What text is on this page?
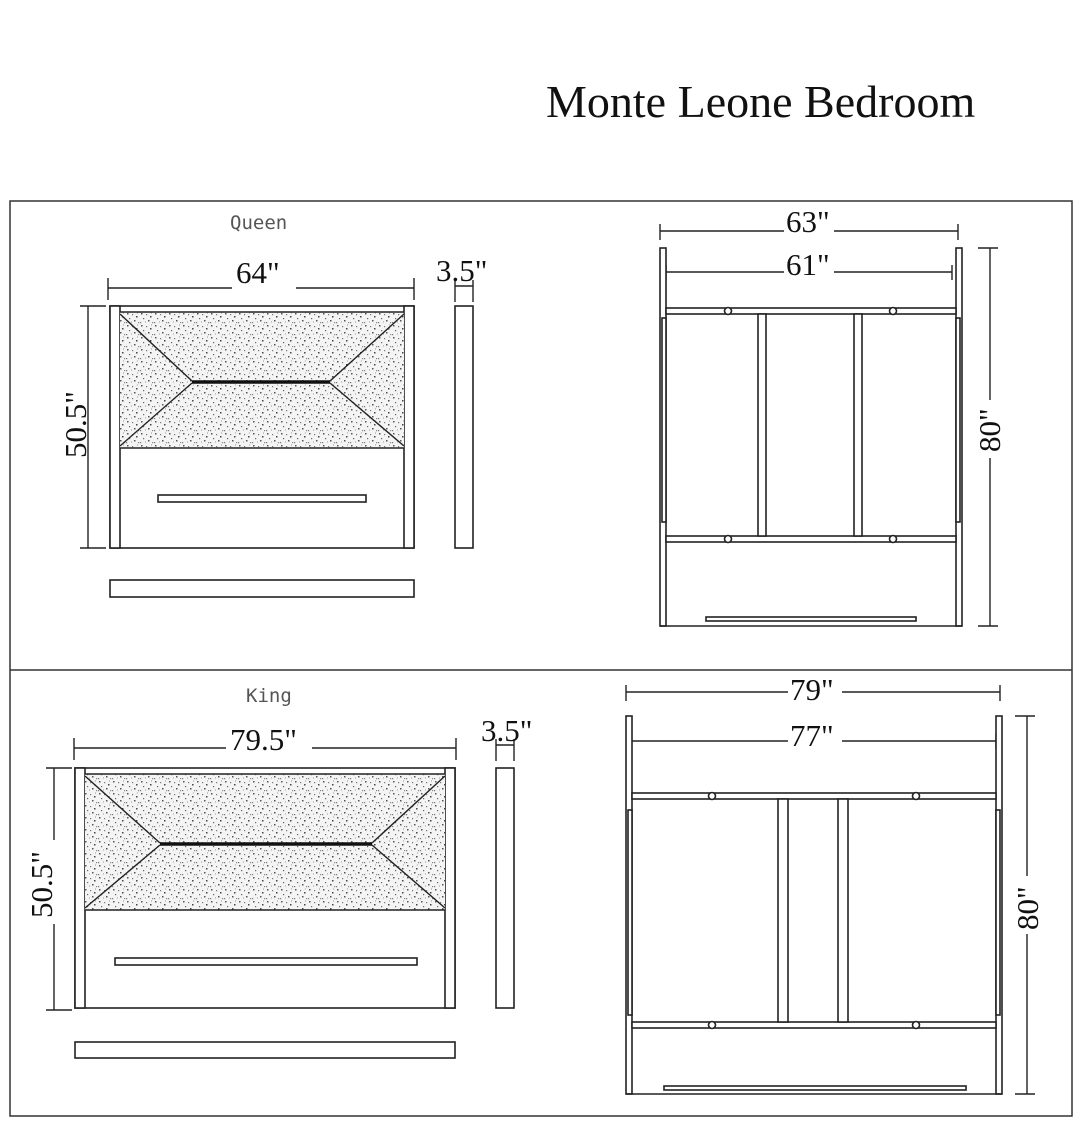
Monte Leone Bedroom
Queen
64"	3.5"
50.5"
63"
61"
80"
King
79.5"	3.5"
50.5"
79"
77"
80"
